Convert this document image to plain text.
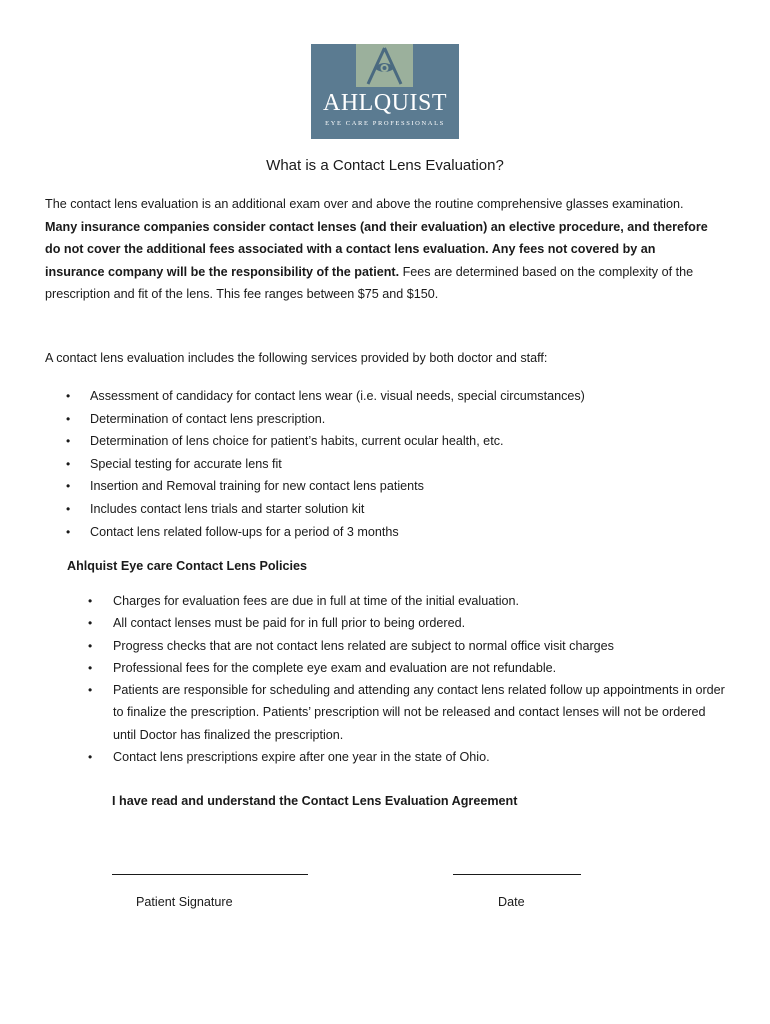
AHLQUIST
EYE CARE PROFESSIONALS
What is a Contact Lens Evaluation?

The contact lens evaluation is an additional exam over and above the routine comprehensive glasses examination. Many insurance companies consider contact lenses (and their evaluation) an elective procedure, and therefore do not cover the additional fees associated with a contact lens evaluation. Any fees not covered by an insurance company will be the responsibility of the patient. Fees are determined based on the complexity of the prescription and fit of the lens. This fee ranges between $75 and $150.

A contact lens evaluation includes the following services provided by both doctor and staff:

• Assessment of candidacy for contact lens wear (i.e. visual needs, special circumstances)
• Determination of contact lens prescription.
• Determination of lens choice for patient’s habits, current ocular health, etc.
• Special testing for accurate lens fit
• Insertion and Removal training for new contact lens patients
• Includes contact lens trials and starter solution kit
• Contact lens related follow-ups for a period of 3 months

Ahlquist Eye care Contact Lens Policies

• Charges for evaluation fees are due in full at time of the initial evaluation.
• All contact lenses must be paid for in full prior to being ordered.
• Progress checks that are not contact lens related are subject to normal office visit charges
• Professional fees for the complete eye exam and evaluation are not refundable.
• Patients are responsible for scheduling and attending any contact lens related follow up appointments in order to finalize the prescription. Patients’ prescription will not be released and contact lenses will not be ordered until Doctor has finalized the prescription.
• Contact lens prescriptions expire after one year in the state of Ohio.

I have read and understand the Contact Lens Evaluation Agreement

Patient Signature	Date
